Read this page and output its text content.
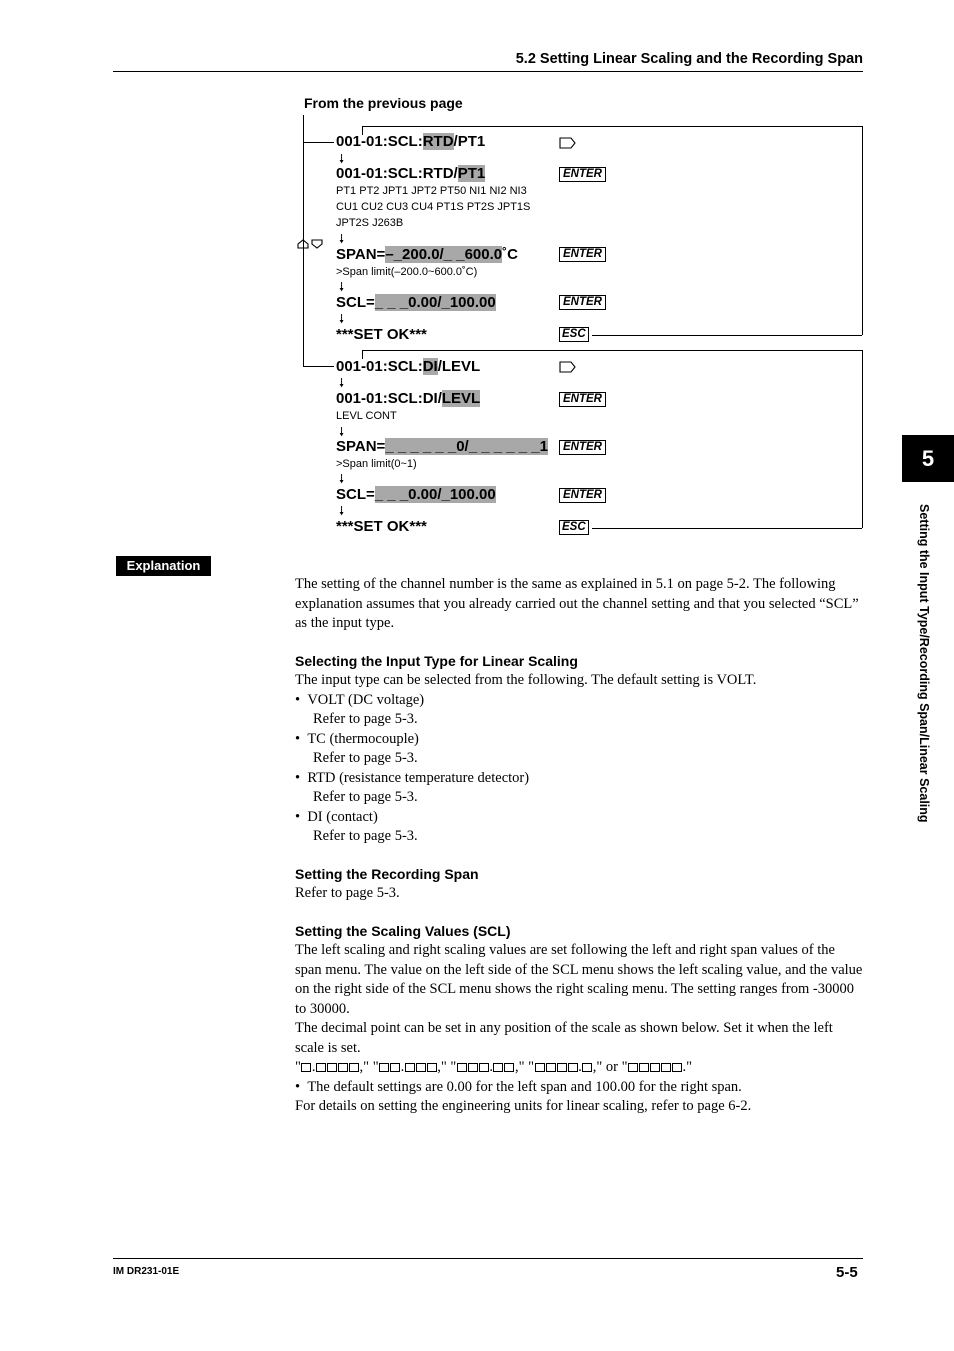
5.2 Setting Linear Scaling and the Recording Span
From the previous page
001-01:SCL:RTD/PT1
🠗
001-01:SCL:RTD/PT1	ENTER
PT1 PT2 JPT1 JPT2 PT50 NI1 NI2 NI3
CU1 CU2 CU3 CU4 PT1S PT2S JPT1S
JPT2S J263B
🠗
SPAN=–_200.0/_ _600.0˚C	ENTER
>Span limit(–200.0~600.0˚C)
🠗
SCL=_ _ _0.00/_100.00	ENTER
🠗
***SET OK***	ESC
001-01:SCL:DI/LEVL
🠗
001-01:SCL:DI/LEVL	ENTER
LEVL CONT
🠗
SPAN=_ _ _ _ _ _0/_ _ _ _ _ _1	ENTER
>Span limit(0~1)
🠗
SCL=_ _ _0.00/_100.00	ENTER
🠗
***SET OK***	ESC
5
Setting the Input Type/Recording Span/Linear Scaling
Explanation

The setting of the channel number is the same as explained in 5.1 on page 5-2. The following explanation assumes that you already carried out the channel setting and that you selected “SCL” as the input type.

Selecting the Input Type for Linear Scaling

The input type can be selected from the following. The default setting is VOLT.

•  VOLT (DC voltage)

Refer to page 5-3.

•  TC (thermocouple)

Refer to page 5-3.

•  RTD (resistance temperature detector)

Refer to page 5-3.

•  DI (contact)

Refer to page 5-3.

Setting the Recording Span

Refer to page 5-3.

Setting the Scaling Values (SCL)

The left scaling and right scaling values are set following the left and right span values of the span menu. The value on the left side of the SCL menu shows the left scaling value, and the value on the right side of the SCL menu shows the right scaling menu. The setting ranges from -30000 to 30000.

The decimal point can be set in any position of the scale as shown below. Set it when the left scale is set.

" .	," " . ," " . ," "	. ," or "	."

•  The default settings are 0.00 for the left span and 100.00 for the right span.

For details on setting the engineering units for linear scaling, refer to page 6-2.

IM DR231-01E	5-5
